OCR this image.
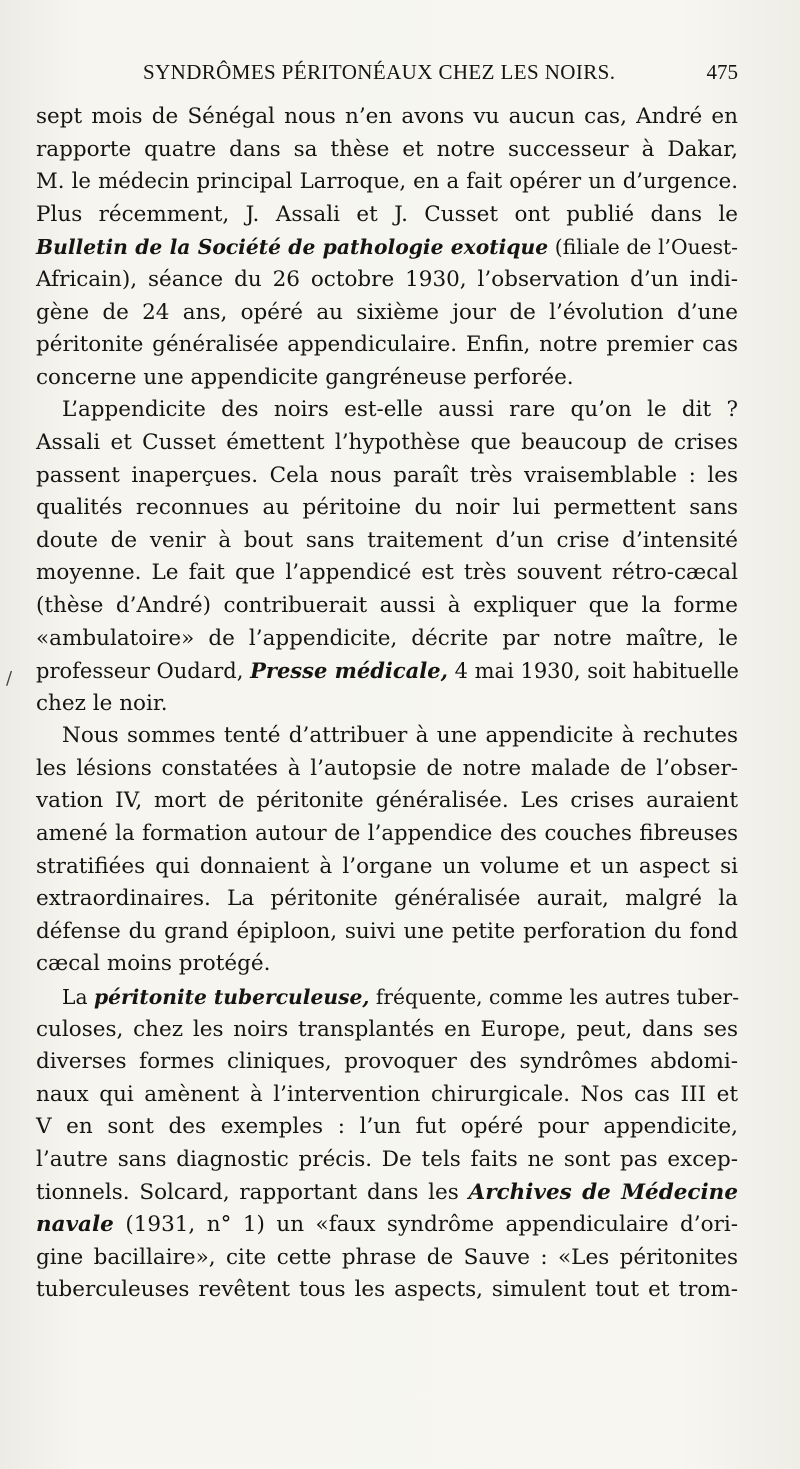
SYNDRÔMES PÉRITONÉAUX CHEZ LES NOIRS.	475
sept mois de Sénégal nous n’en avons vu aucun cas, André en
rapporte quatre dans sa thèse et notre successeur à Dakar,
M. le médecin principal Larroque, en a fait opérer un d’urgence.
Plus récemment, J. Assali et J. Cusset ont publié dans le
Bulletin de la Société de pathologie exotique (filiale de l’Ouest-
Africain), séance du 26 octobre 1930, l’observation d’un indi-
gène de 24 ans, opéré au sixième jour de l’évolution d’une
péritonite généralisée appendiculaire. Enfin, notre premier cas
concerne une appendicite gangréneuse perforée.
L’appendicite des noirs est-elle aussi rare qu’on le dit ?
Assali et Cusset émettent l’hypothèse que beaucoup de crises
passent inaperçues. Cela nous paraît très vraisemblable : les
qualités reconnues au péritoine du noir lui permettent sans
doute de venir à bout sans traitement d’un crise d’intensité
moyenne. Le fait que l’appendicé est très souvent rétro-cæcal
(thèse d’André) contribuerait aussi à expliquer que la forme
«ambulatoire» de l’appendicite, décrite par notre maître, le
professeur Oudard, Presse médicale, 4 mai 1930, soit habituelle
chez le noir.
Nous sommes tenté d’attribuer à une appendicite à rechutes
les lésions constatées à l’autopsie de notre malade de l’obser-
vation IV, mort de péritonite généralisée. Les crises auraient
amené la formation autour de l’appendice des couches fibreuses
stratifiées qui donnaient à l’organe un volume et un aspect si
extraordinaires. La péritonite généralisée aurait, malgré la
défense du grand épiploon, suivi une petite perforation du fond
cæcal moins protégé.
La péritonite tuberculeuse, fréquente, comme les autres tuber-
culoses, chez les noirs transplantés en Europe, peut, dans ses
diverses formes cliniques, provoquer des syndrômes abdomi-
naux qui amènent à l’intervention chirurgicale. Nos cas III et
V en sont des exemples : l’un fut opéré pour appendicite,
l’autre sans diagnostic précis. De tels faits ne sont pas excep-
tionnels. Solcard, rapportant dans les Archives de Médecine
navale (1931, n° 1) un «faux syndrôme appendiculaire d’ori-
gine bacillaire», cite cette phrase de Sauve : «Les péritonites
tuberculeuses revêtent tous les aspects, simulent tout et trom-
/
